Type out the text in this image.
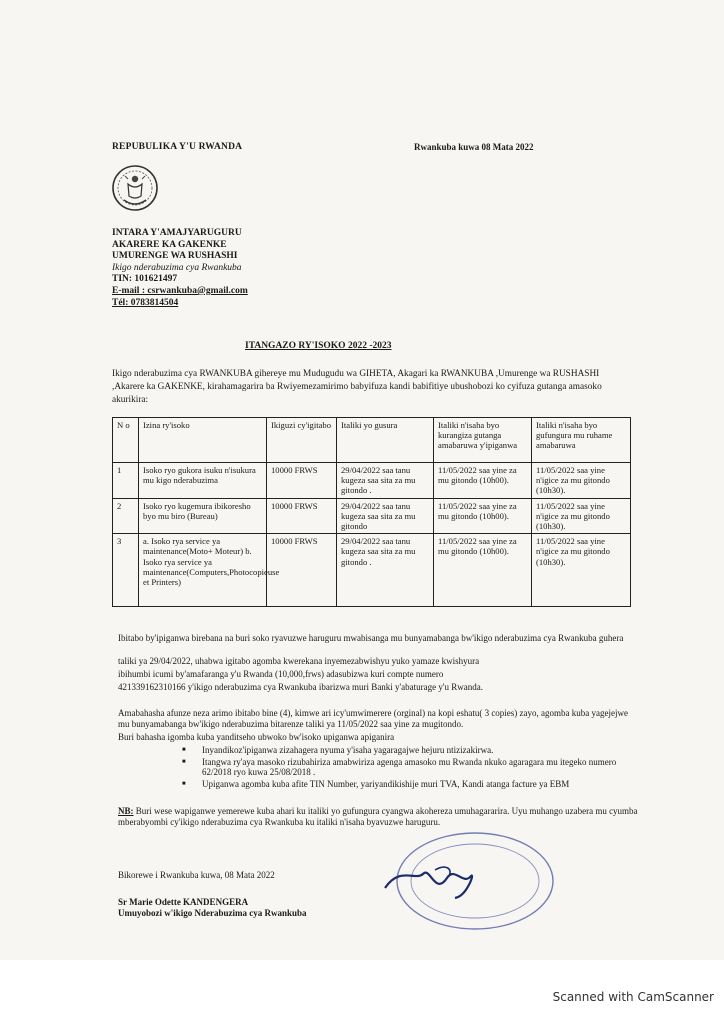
REPUBULIKA Y'U RWANDA	Rwankuba kuwa 08 Mata 2022
INTARA Y'AMAJYARUGURU
AKARERE KA GAKENKE
UMURENGE WA RUSHASHI
Ikigo nderabuzima cya Rwankuba
TIN: 101621497
E-mail : csrwankuba@gmail.com
Tél: 0783814504
ITANGAZO RY'ISOKO 2022 -2023
Ikigo nderabuzima cya RWANKUBA gihereye mu Mudugudu wa GIHETA, Akagari ka RWANKUBA ,Umurenge wa RUSHASHI ,Akarere ka GAKENKE, kirahamagarira ba Rwiyemezamirimo babyifuza kandi babifitiye ubushobozi ko cyifuza gutanga amasoko akurikira:
N o	Izina ry'isoko	Ikiguzi cy'igitabo	Italiki yo gusura	Italiki n'isaha byo kurangiza gutanga amabaruwa y'ipiganwa	Italiki n'isaha byo gufungura mu ruhame amabaruwa
1	Isoko ryo gukora isuku n'isukura mu kigo nderabuzima	10000 FRWS	29/04/2022 saa tanu kugeza saa sita za mu gitondo .	11/05/2022 saa yine za mu gitondo (10h00).	11/05/2022 saa yine n'igice za mu gitondo (10h30).
2	Isoko ryo kugemura ibikoresho byo mu biro (Bureau)	10000 FRWS	29/04/2022 saa tanu kugeza saa sita za mu gitondo	11/05/2022 saa yine za mu gitondo (10h00).	11/05/2022 saa yine n'igice za mu gitondo (10h30).
3	a. Isoko rya service ya maintenance(Moto+ Moteur) b. Isoko rya service ya maintenance(Computers,Photocopieuse et Printers)	10000 FRWS	29/04/2022 saa tanu kugeza saa sita za mu gitondo .	11/05/2022 saa yine za mu gitondo (10h00).	11/05/2022 saa yine n'igice za mu gitondo (10h30).
Ibitabo by'ipiganwa birebana na buri soko ryavuzwe haruguru mwabisanga mu bunyamabanga bw'ikigo nderabuzima cya Rwankuba guhera
taliki ya 29/04/2022, uhabwa igitabo agomba kwerekana inyemezabwishyu yuko yamaze kwishyura
ibihumbi icumi by'amafaranga y'u Rwanda (10,000,frws) adasubizwa kuri compte numero
421339162310166 y'ikigo nderabuzima cya Rwankuba ibarizwa muri Banki y'abaturage y'u Rwanda.
Amabahasha afunze neza arimo ibitabo bine (4), kimwe ari icy'umwimerere (orginal) na kopi eshatu( 3 copies) zayo, agomba kuba yagejejwe mu bunyamabanga bw'ikigo nderabuzima bitarenze taliki ya 11/05/2022 saa yine za mugitondo.
Buri bahasha igomba kuba yanditseho ubwoko bw'isoko upiganwa apiganira
■ Inyandikoz'ipiganwa zizahagera nyuma y'isaha yagaragajwe hejuru ntizizakirwa.
■ Itangwa ry'aya masoko rizubahiriza amabwiriza agenga amasoko mu Rwanda nkuko agaragara mu itegeko numero 62/2018 ryo kuwa 25/08/2018 .
■ Upiganwa agomba kuba afite TIN Number, yariyandikishije muri TVA, Kandi atanga facture ya EBM
NB: Buri wese wapiganwe yemerewe kuba ahari ku italiki yo gufungura cyangwa akohereza umuhagararira. Uyu muhango uzabera mu cyumba mberabyombi cy'ikigo nderabuzima cya Rwankuba ku italiki n'isaha byavuzwe haruguru.
Bikorewe i Rwankuba kuwa, 08 Mata 2022
Sr Marie Odette KANDENGERA
Umuyobozi w'ikigo Nderabuzima cya Rwankuba
Scanned with CamScanner
